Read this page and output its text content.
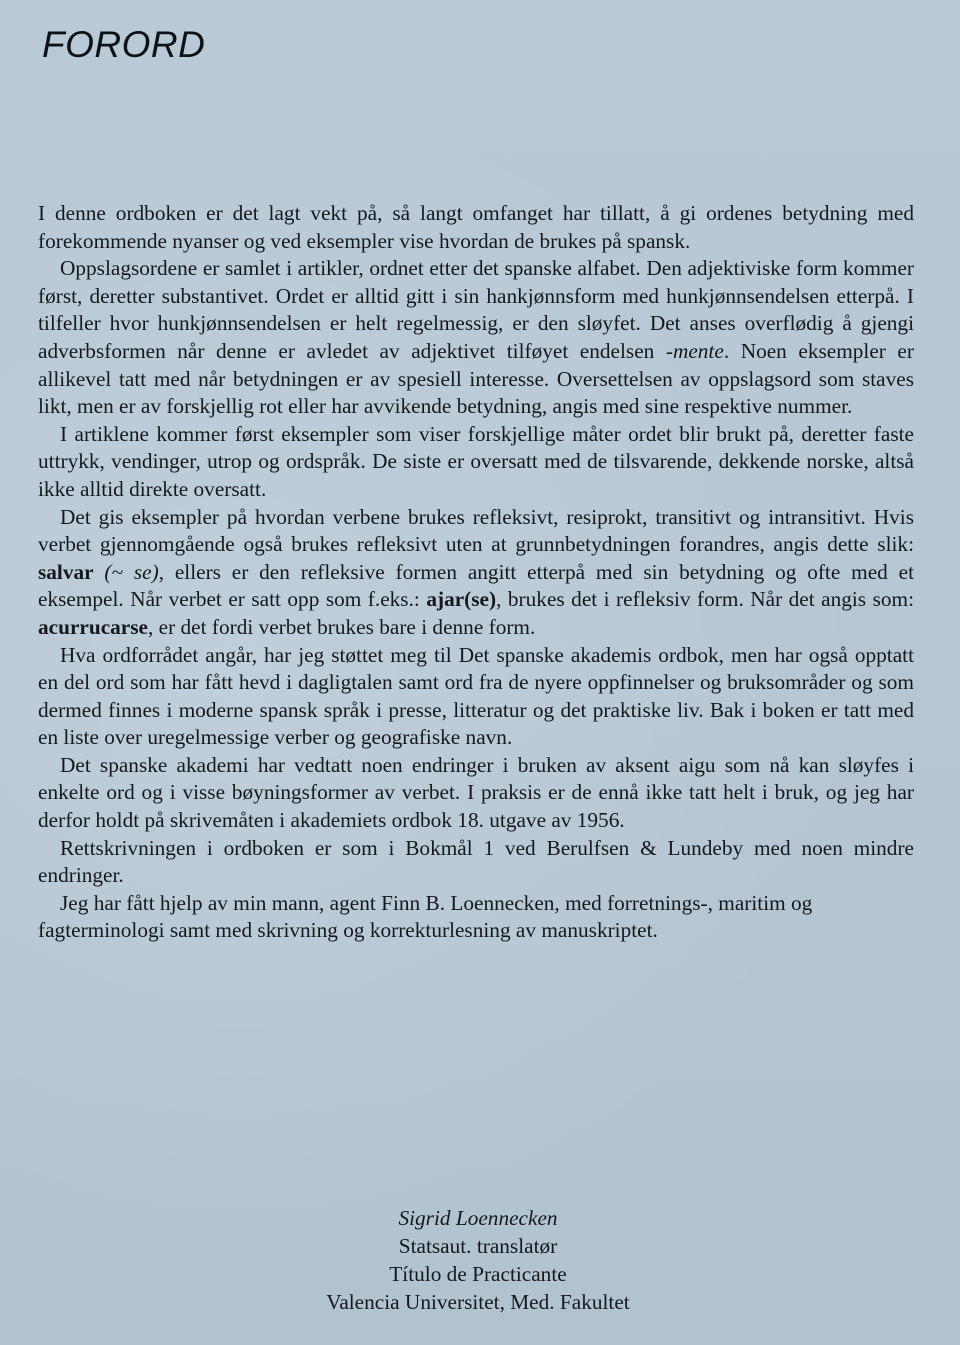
FORORD

I denne ordboken er det lagt vekt på, så langt omfanget har tillatt, å gi ordenes betydning med forekommende nyanser og ved eksempler vise hvordan de brukes på spansk.

Oppslagsordene er samlet i artikler, ordnet etter det spanske alfabet. Den adjektiviske form kommer først, deretter substantivet. Ordet er alltid gitt i sin hankjønnsform med hunkjønnsendelsen etterpå. I tilfeller hvor hunkjønnsendelsen er helt regelmessig, er den sløyfet. Det anses overflødig å gjengi adverbsformen når denne er avledet av adjektivet tilføyet endelsen -mente. Noen eksempler er allikevel tatt med når betydningen er av spesiell interesse. Oversettelsen av oppslagsord som staves likt, men er av forskjellig rot eller har avvikende betydning, angis med sine respektive nummer.

I artiklene kommer først eksempler som viser forskjellige måter ordet blir brukt på, deretter faste uttrykk, vendinger, utrop og ordspråk. De siste er oversatt med de tilsvarende, dekkende norske, altså ikke alltid direkte oversatt.

Det gis eksempler på hvordan verbene brukes refleksivt, resiprokt, transitivt og intransitivt. Hvis verbet gjennomgående også brukes refleksivt uten at grunnbetydningen forandres, angis dette slik: salvar (~ se), ellers er den refleksive formen angitt etterpå med sin betydning og ofte med et eksempel. Når verbet er satt opp som f.eks.: ajar(se), brukes det i refleksiv form. Når det angis som: acurrucarse, er det fordi verbet brukes bare i denne form.

Hva ordforrådet angår, har jeg støttet meg til Det spanske akademis ordbok, men har også opptatt en del ord som har fått hevd i dagligtalen samt ord fra de nyere oppfinnelser og bruksområder og som dermed finnes i moderne spansk språk i presse, litteratur og det praktiske liv. Bak i boken er tatt med en liste over uregelmessige verber og geografiske navn.

Det spanske akademi har vedtatt noen endringer i bruken av aksent aigu som nå kan sløyfes i enkelte ord og i visse bøyningsformer av verbet. I praksis er de ennå ikke tatt helt i bruk, og jeg har derfor holdt på skrivemåten i akademiets ordbok 18. utgave av 1956.

Rettskrivningen i ordboken er som i Bokmål 1 ved Berulfsen & Lundeby med noen mindre endringer.

Jeg har fått hjelp av min mann, agent Finn B. Loennecken, med forretnings-, maritim og fagterminologi samt med skrivning og korrekturlesning av manuskriptet.

Sigrid Loennecken
Statsaut. translatør
Título de Practicante
Valencia Universitet, Med. Fakultet
